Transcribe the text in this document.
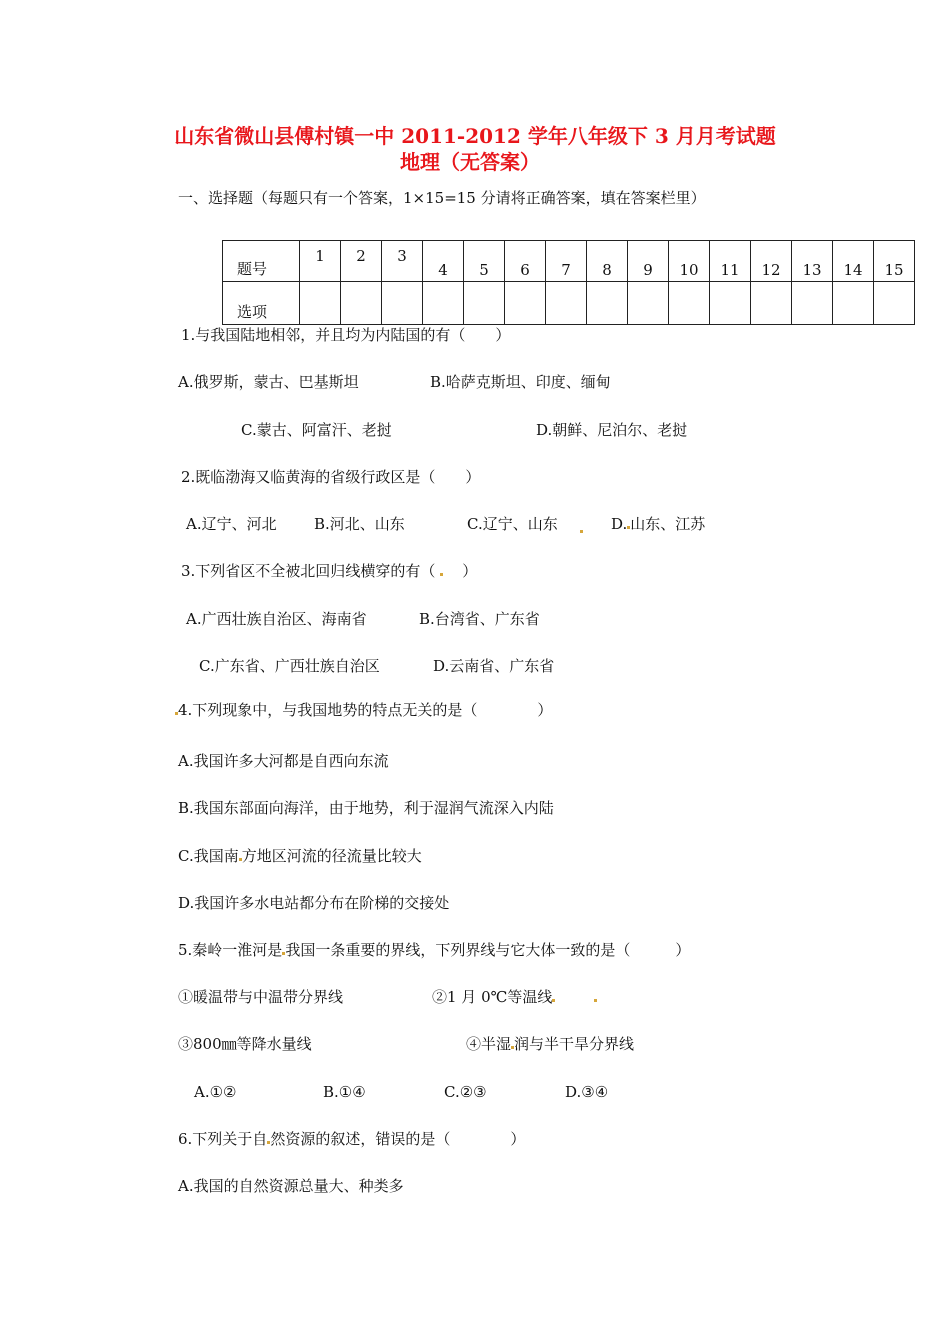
山东省微山县傅村镇一中 2011-2012 学年八年级下 3 月月考试题
地理（无答案）
一、选择题（每题只有一个答案，1×15=15 分请将正确答案，填在答案栏里）
题号	1	2	3	4	5	6	7	8	9	10	11	12	13	14	15
选项															
1.与我国陆地相邻，并且均为内陆国的有（　　）
A.俄罗斯，蒙古、巴基斯坦	B.哈萨克斯坦、印度、缅甸
C.蒙古、阿富汗、老挝	D.朝鲜、尼泊尔、老挝
2.既临渤海又临黄海的省级行政区是（　　）
A.辽宁、河北 B.河北、山东	C.辽宁、山东	D. 山东、江苏
3.下列省区不全被北回归线横穿的有（ ）
A.广西壮族自治区、海南省	B.台湾省、广东省
C.广东省、广西壮族自治区	D.云南省、广东省
4.下列现象中，与我国地势的特点无关的是（　　　　）
A.我国许多大河都是自西向东流
B.我国东部面向海洋，由于地势，利于湿润气流深入内陆
C.我国南 方地区河流的径流量比较大
D.我国许多水电站都分布在阶梯的交接处
5.秦岭一淮河是 我国一条重要的界线，下列界线与它大体一致的是（　　　）
①暖温带与中温带分界线	②1 月 0℃等温线
③800㎜等降水量线	④半湿 润与半干旱分界线
A.①②	B.①④	C.②③	D.③④
6.下列关于自 然资源的叙述，错误的是（　　　　）
A.我国的自然资源总量大、种类多
